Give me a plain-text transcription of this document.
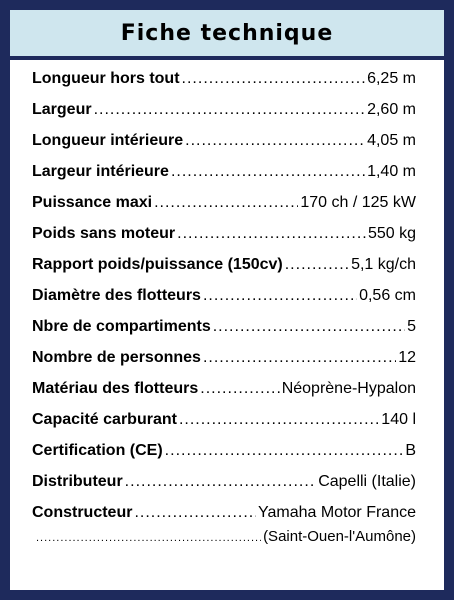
Fiche technique
Longueur hors tout .....	6,25 m
Largeur .....	2,60 m
Longueur intérieure .....	4,05 m
Largeur intérieure .....	1,40 m
Puissance maxi .....	170 ch / 125 kW
Poids sans moteur .....	550 kg
Rapport poids/puissance (150cv) .....	5,1 kg/ch
Diamètre des flotteurs .....	0,56 cm
Nbre de compartiments .....	5
Nombre de personnes .....	12
Matériau des flotteurs .....	Néoprène-Hypalon
Capacité carburant .....	140 l
Certification (CE) .....	B
Distributeur .....	Capelli (Italie)
Constructeur .....	Yamaha Motor France
.....
(Saint-Ouen-l'Aumône)
